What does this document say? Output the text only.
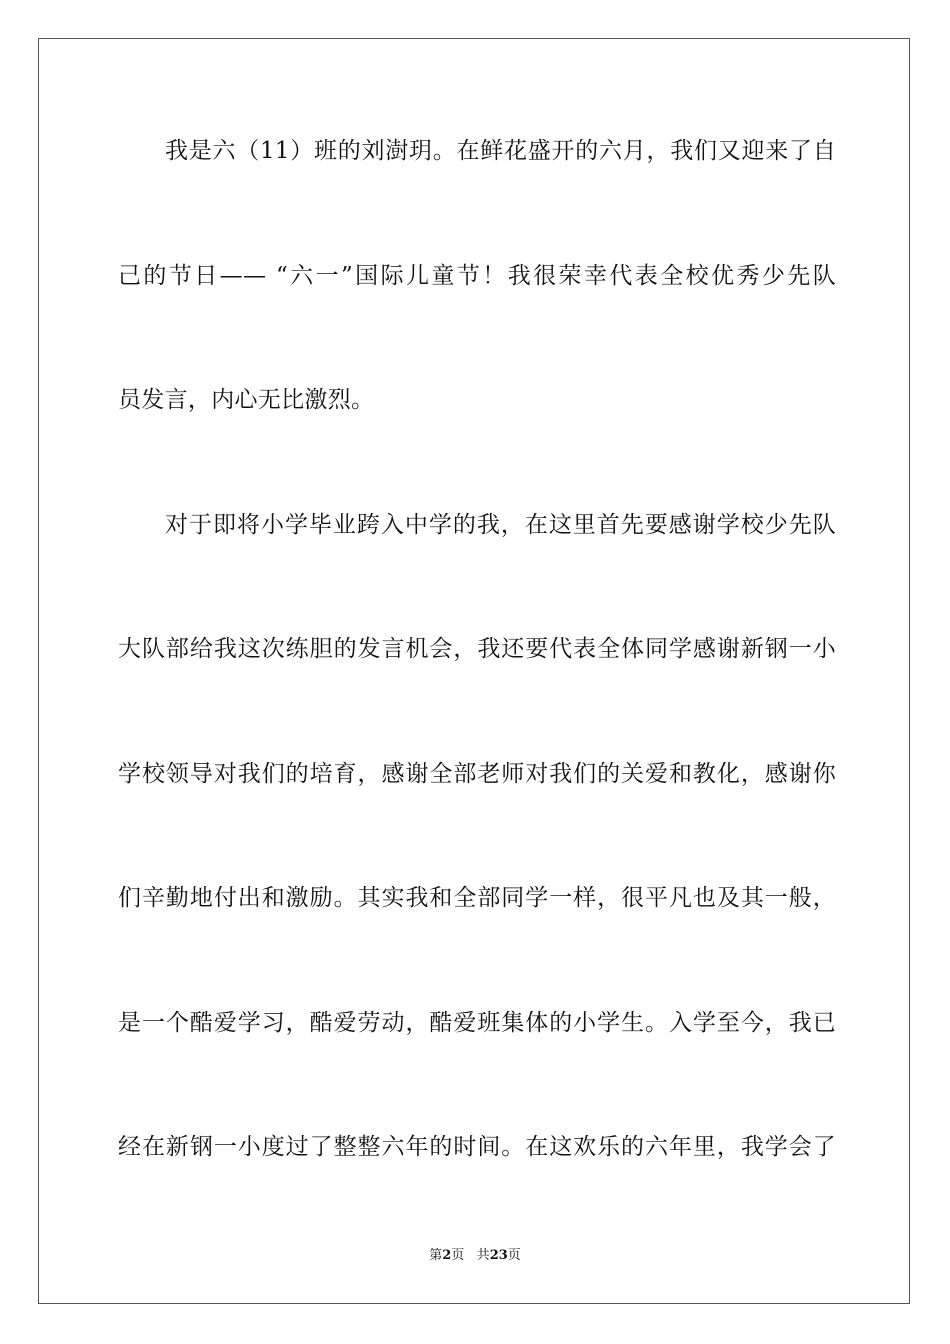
我是六（11）班的刘澍玥。在鲜花盛开的六月，我们又迎来了自
己的节日—— “六一”国际儿童节！我很荣幸代表全校优秀少先队
员发言，内心无比激烈。
对于即将小学毕业跨入中学的我，在这里首先要感谢学校少先队
大队部给我这次练胆的发言机会，我还要代表全体同学感谢新钢一小
学校领导对我们的培育，感谢全部老师对我们的关爱和教化，感谢你
们辛勤地付出和激励。其实我和全部同学一样，很平凡也及其一般，
是一个酷爱学习，酷爱劳动，酷爱班集体的小学生。入学至今，我已
经在新钢一小度过了整整六年的时间。在这欢乐的六年里，我学会了
第2页 共23页
